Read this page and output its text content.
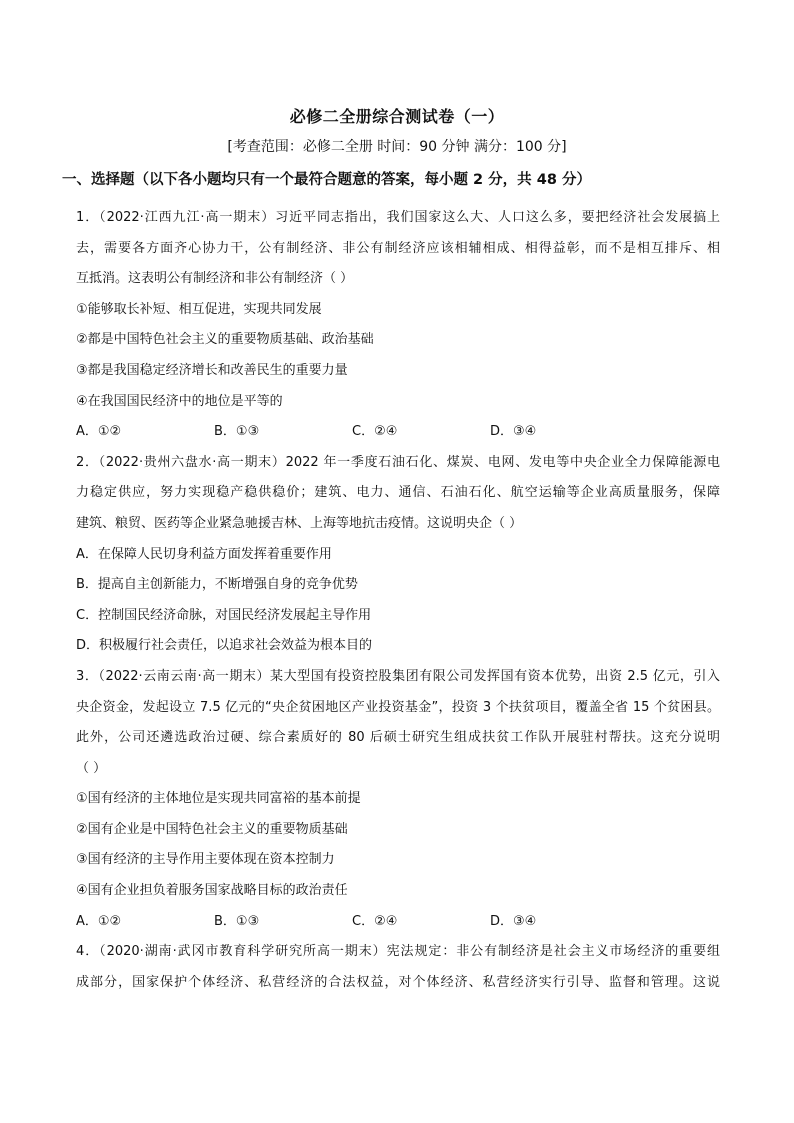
必修二全册综合测试卷（一）
[考查范围：必修二全册 时间：90 分钟 满分：100 分]
一、选择题（以下各小题均只有一个最符合题意的答案，每小题 2 分，共 48 分）
1．（2022·江西九江·高一期末）习近平同志指出，我们国家这么大、人口这么多，要把经济社会发展搞上
去，需要各方面齐心协力干，公有制经济、非公有制经济应该相辅相成、相得益彰，而不是相互排斥、相
互抵消。这表明公有制经济和非公有制经济（ ）
①能够取长补短、相互促进，实现共同发展
②都是中国特色社会主义的重要物质基础、政治基础
③都是我国稳定经济增长和改善民生的重要力量
④在我国国民经济中的地位是平等的
A．①②	B．①③	C．②④	D．③④
2．（2022·贵州六盘水·高一期末）2022 年一季度石油石化、煤炭、电网、发电等中央企业全力保障能源电
力稳定供应，努力实现稳产稳供稳价；建筑、电力、通信、石油石化、航空运输等企业高质量服务，保障
建筑、粮贸、医药等企业紧急驰援吉林、上海等地抗击疫情。这说明央企（ ）
A．在保障人民切身利益方面发挥着重要作用
B．提高自主创新能力，不断增强自身的竞争优势
C．控制国民经济命脉，对国民经济发展起主导作用
D．积极履行社会责任，以追求社会效益为根本目的
3．（2022·云南云南·高一期末）某大型国有投资控股集团有限公司发挥国有资本优势，出资 2.5 亿元，引入
央企资金，发起设立 7.5 亿元的“央企贫困地区产业投资基金”，投资 3 个扶贫项目，覆盖全省 15 个贫困县。
此外，公司还遴选政治过硬、综合素质好的 80 后硕士研究生组成扶贫工作队开展驻村帮扶。这充分说明
（ ）
①国有经济的主体地位是实现共同富裕的基本前提
②国有企业是中国特色社会主义的重要物质基础
③国有经济的主导作用主要体现在资本控制力
④国有企业担负着服务国家战略目标的政治责任
A．①②	B．①③	C．②④	D．③④
4．（2020·湖南·武冈市教育科学研究所高一期末）宪法规定：非公有制经济是社会主义市场经济的重要组
成部分，国家保护个体经济、私营经济的合法权益，对个体经济、私营经济实行引导、监督和管理。这说
